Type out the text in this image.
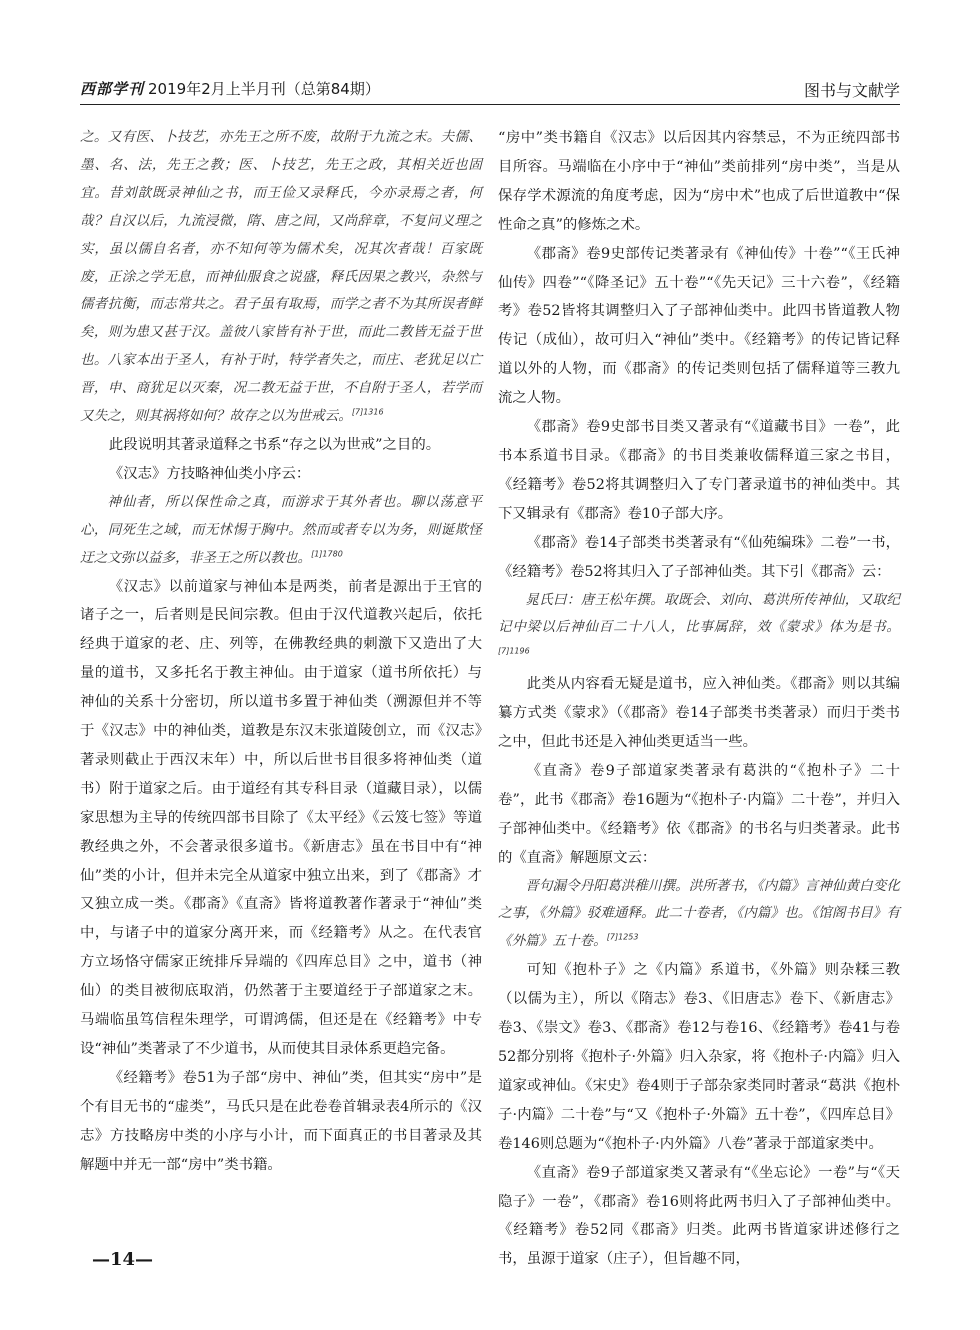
西部学刊 2019年2月上半月刊（总第84期）	图书与文献学

之。又有医、卜技艺，亦先王之所不废，故附于九流之末。夫儒、墨、名、法，先王之教；医、卜技艺，先王之政，其相关近也固宜。昔刘歆既录神仙之书，而王俭又录释氏，今亦录焉之者，何哉？自汉以后，九流浸微，隋、唐之间，又尚辞章，不复问义理之实，虽以儒自名者，亦不知何等为儒术矣，况其次者哉！百家既废，正涂之学无息，而神仙服食之说盛，释氏因果之教兴，杂然与儒者抗衡，而志常共之。君子虽有取焉，而学之者不为其所误者鲜矣，则为患又甚于汉。盖彼八家皆有补于世，而此二教皆无益于世也。八家本出于圣人，有补于时，特学者失之，而庄、老犹足以亡晋，申、商犹足以灭秦，况二教无益于世，不自附于圣人，若学而又失之，则其祸将如何？故存之以为世戒云。$^{[7]1316}$

此段说明其著录道释之书系“存之以为世戒”之目的。

《汉志》方技略神仙类小序云：

神仙者，所以保性命之真，而游求于其外者也。聊以荡意平心，同死生之域，而无怵惕于胸中。然而或者专以为务，则诞欺怪迂之文弥以益多，非圣王之所以教也。$^{[1]1780}$

《汉志》以前道家与神仙本是两类，前者是源出于王官的诸子之一，后者则是民间宗教。但由于汉代道教兴起后，依托经典于道家的老、庄、列等，在佛教经典的刺激下又造出了大量的道书，又多托名于教主神仙。由于道家（道书所依托）与神仙的关系十分密切，所以道书多置于神仙类（溯源但并不等于《汉志》中的神仙类，道教是东汉末张道陵创立，而《汉志》著录则截止于西汉末年）中，所以后世书目很多将神仙类（道书）附于道家之后。由于道经有其专科目录（道藏目录），以儒家思想为主导的传统四部书目除了《太平经》《云笈七签》等道教经典之外，不会著录很多道书。《新唐志》虽在书目中有“神仙”类的小计，但并未完全从道家中独立出来，到了《郡斋》才又独立成一类。《郡斋》《直斋》皆将道教著作著录于“神仙”类中，与诸子中的道家分离开来，而《经籍考》从之。在代表官方立场恪守儒家正统排斥异端的《四库总目》之中，道书（神仙）的类目被彻底取消，仍然著于主要道经于子部道家之末。马端临虽笃信程朱理学，可谓鸿儒，但还是在《经籍考》中专设“神仙”类著录了不少道书，从而使其目录体系更趋完备。

《经籍考》卷51为子部“房中、神仙”类，但其实“房中”是个有目无书的“虚类”，马氏只是在此卷卷首辑录表4所示的《汉志》方技略房中类的小序与小计，而下面真正的书目著录及其解题中并无一部“房中”类书籍。

“房中”类书籍自《汉志》以后因其内容禁忌，不为正统四部书目所容。马端临在小序中于“神仙”类前排列“房中类”，当是从保存学术源流的角度考虑，因为“房中术”也成了后世道教中“保性命之真”的修炼之术。

《郡斋》卷9史部传记类著录有《神仙传》十卷”“《王氏神仙传》四卷”“《降圣记》五十卷”“《先天记》三十六卷”，《经籍考》卷52皆将其调整归入了子部神仙类中。此四书皆道教人物传记（成仙），故可归入“神仙”类中。《经籍考》的传记皆记释道以外的人物，而《郡斋》的传记类则包括了儒释道等三教九流之人物。

《郡斋》卷9史部书目类又著录有“《道藏书目》一卷”，此书本系道书目录。《郡斋》的书目类兼收儒释道三家之书目，《经籍考》卷52将其调整归入了专门著录道书的神仙类中。其下又辑录有《郡斋》卷10子部大序。

《郡斋》卷14子部类书类著录有“《仙苑编珠》二卷”一书，《经籍考》卷52将其归入了子部神仙类。其下引《郡斋》云：

晁氏曰：唐王松年撰。取既会、刘向、葛洪所传神仙，又取纪记中梁以后神仙百二十八人，比事属辞，效《蒙求》体为是书。$^{[7]1196}$

此类从内容看无疑是道书，应入神仙类。《郡斋》则以其编纂方式类《蒙求》（《郡斋》卷14子部类书类著录）而归于类书之中，但此书还是入神仙类更适当一些。

《直斋》卷9子部道家类著录有葛洪的“《抱朴子》二十卷”，此书《郡斋》卷16题为“《抱朴子·内篇》二十卷”，并归入子部神仙类中。《经籍考》依《郡斋》的书名与归类著录。此书的《直斋》解题原文云：

晋句漏令丹阳葛洪稚川撰。洪所著书，《内篇》言神仙黄白变化之事，《外篇》驳难通释。此二十卷者，《内篇》也。《馆阁书目》有《外篇》五十卷。$^{[7]1253}$

可知《抱朴子》之《内篇》系道书，《外篇》则杂糅三教（以儒为主），所以《隋志》卷3、《旧唐志》卷下、《新唐志》卷3、《崇文》卷3、《郡斋》卷12与卷16、《经籍考》卷41与卷52都分别将《抱朴子·外篇》归入杂家，将《抱朴子·内篇》归入道家或神仙。《宋史》卷4则于子部杂家类同时著录“葛洪《抱朴子·内篇》二十卷”与“又《抱朴子·外篇》五十卷”，《四库总目》卷146则总题为“《抱朴子·内外篇》八卷”著录于部道家类中。

《直斋》卷9子部道家类又著录有“《坐忘论》一卷”与“《天隐子》一卷”，《郡斋》卷16则将此两书归入了子部神仙类中。《经籍考》卷52同《郡斋》归类。此两书皆道家讲述修行之书，虽源于道家（庄子），但旨趣不同，

—14—
